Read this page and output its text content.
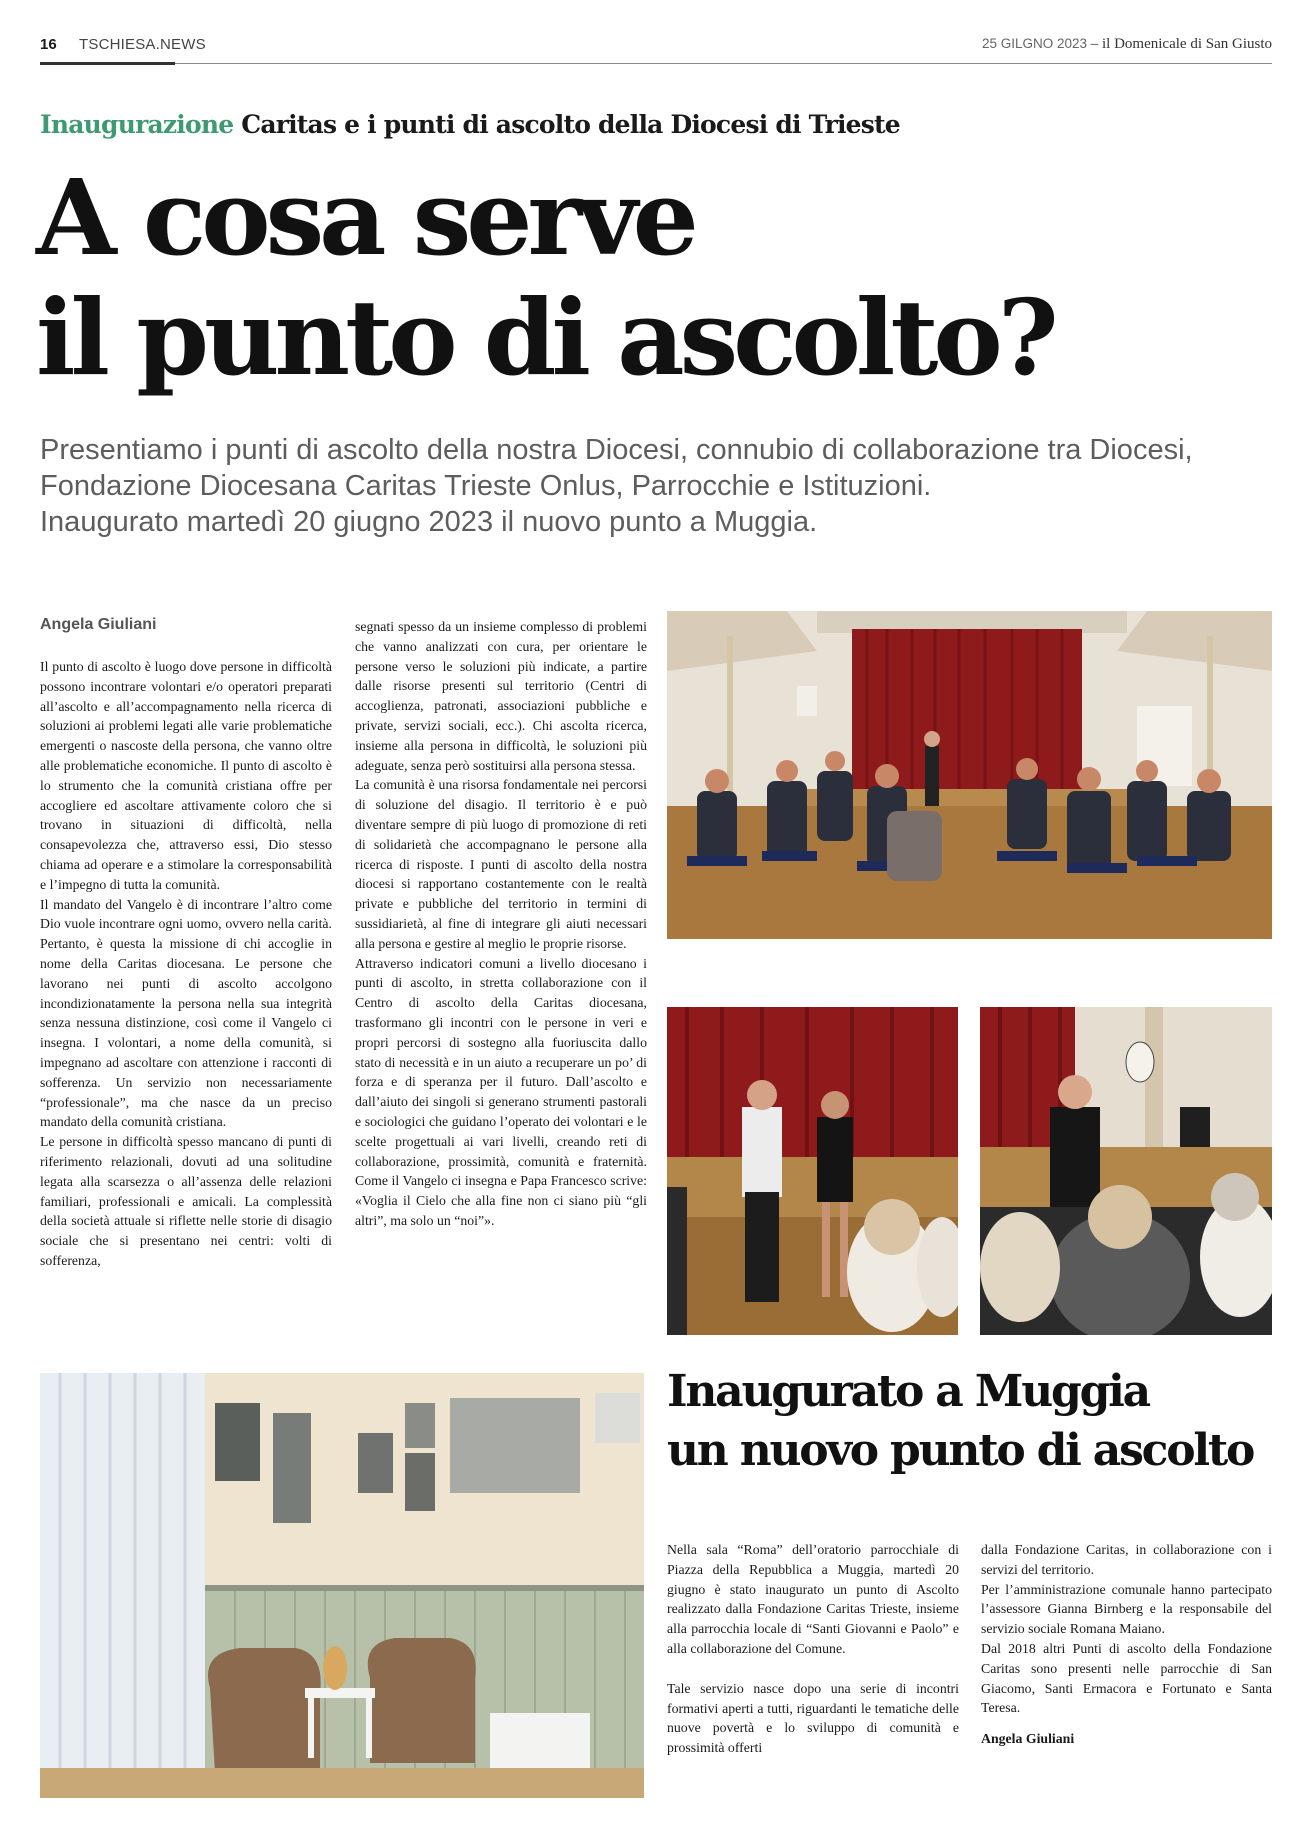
16 TSCHIESA.NEWS	25 GILGNO 2023 – il Domenicale di San Giusto
Inaugurazione Caritas e i punti di ascolto della Diocesi di Trieste
A cosa serve
il punto di ascolto?
Presentiamo i punti di ascolto della nostra Diocesi, connubio di collaborazione tra Diocesi,
Fondazione Diocesana Caritas Trieste Onlus, Parrocchie e Istituzioni.
Inaugurato martedì 20 giugno 2023 il nuovo punto a Muggia.
Angela Giuliani

Il punto di ascolto è luogo dove persone in difficoltà possono incontrare volontari e/o operatori preparati all’ascolto e all’accompagnamento nella ricerca di soluzioni ai problemi legati alle varie problematiche emergenti o nascoste della persona, che vanno oltre alle problematiche economiche. Il punto di ascolto è lo strumento che la comunità cristiana offre per accogliere ed ascoltare attivamente coloro che si trovano in situazioni di difficoltà, nella consapevolezza che, attraverso essi, Dio stesso chiama ad operare e a stimolare la corresponsabilità e l’impegno di tutta la comunità.

Il mandato del Vangelo è di incontrare l’altro come Dio vuole incontrare ogni uomo, ovvero nella carità. Pertanto, è questa la missione di chi accoglie in nome della Caritas diocesana. Le persone che lavorano nei punti di ascolto accolgono incondizionatamente la persona nella sua integrità senza nessuna distinzione, così come il Vangelo ci insegna. I volontari, a nome della comunità, si impegnano ad ascoltare con attenzione i racconti di sofferenza. Un servizio non necessariamente “professionale”, ma che nasce da un preciso mandato della comunità cristiana.

Le persone in difficoltà spesso mancano di punti di riferimento relazionali, dovuti ad una solitudine legata alla scarsezza o all’assenza delle relazioni familiari, professionali e amicali. La complessità della società attuale si riflette nelle storie di disagio sociale che si presentano nei centri: volti di sofferenza,

segnati spesso da un insieme complesso di problemi che vanno analizzati con cura, per orientare le persone verso le soluzioni più indicate, a partire dalle risorse presenti sul territorio (Centri di accoglienza, patronati, associazioni pubbliche e private, servizi sociali, ecc.). Chi ascolta ricerca, insieme alla persona in difficoltà, le soluzioni più adeguate, senza però sostituirsi alla persona stessa.

La comunità è una risorsa fondamentale nei percorsi di soluzione del disagio. Il territorio è e può diventare sempre di più luogo di promozione di reti di solidarietà che accompagnano le persone alla ricerca di risposte. I punti di ascolto della nostra diocesi si rapportano costantemente con le realtà private e pubbliche del territorio in termini di sussidiarietà, al fine di integrare gli aiuti necessari alla persona e gestire al meglio le proprie risorse.

Attraverso indicatori comuni a livello diocesano i punti di ascolto, in stretta collaborazione con il Centro di ascolto della Caritas diocesana, trasformano gli incontri con le persone in veri e propri percorsi di sostegno alla fuoriuscita dallo stato di necessità e in un aiuto a recuperare un po’ di forza e di speranza per il futuro. Dall’ascolto e dall’aiuto dei singoli si generano strumenti pastorali e sociologici che guidano l’operato dei volontari e le scelte progettuali ai vari livelli, creando reti di collaborazione, prossimità, comunità e fraternità. Come il Vangelo ci insegna e Papa Francesco scrive: «Voglia il Cielo che alla fine non ci siano più “gli altri”, ma solo un “noi”».

Inaugurato a Muggia
un nuovo punto di ascolto

Nella sala “Roma” dell’oratorio parrocchiale di Piazza della Repubblica a Muggia, martedì 20 giugno è stato inaugurato un punto di Ascolto realizzato dalla Fondazione Caritas Trieste, insieme alla parrocchia locale di “Santi Giovanni e Paolo” e alla collaborazione del Comune.

Tale servizio nasce dopo una serie di incontri formativi aperti a tutti, riguardanti le tematiche delle nuove povertà e lo sviluppo di comunità e prossimità offerti

dalla Fondazione Caritas, in collaborazione con i servizi del territorio.

Per l’amministrazione comunale hanno partecipato l’assessore Gianna Birnberg e la responsabile del servizio sociale Romana Maiano.

Dal 2018 altri Punti di ascolto della Fondazione Caritas sono presenti nelle parrocchie di San Giacomo, Santi Ermacora e Fortunato e Santa Teresa.

Angela Giuliani
